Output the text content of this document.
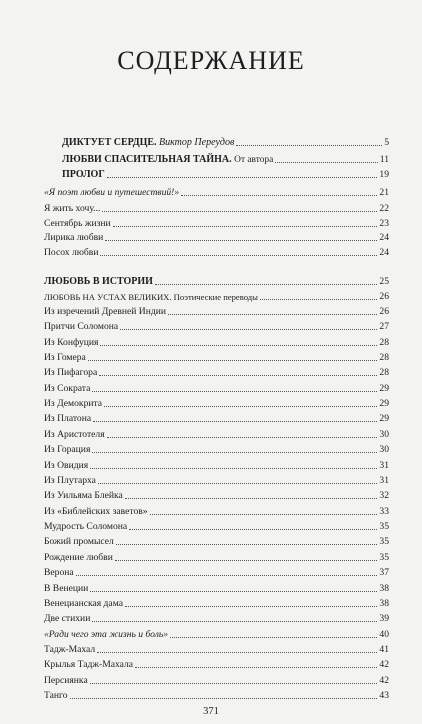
СОДЕРЖАНИЕ
ДИКТУЕТ СЕРДЦЕ. Виктор Переудов	5
ЛЮБВИ СПАСИТЕЛЬНАЯ ТАЙНА. От автора	11
ПРОЛОГ	19
«Я поэт любви и путешествий!»	21
Я жить хочу...	22
Сентябрь жизни	23
Лирика любви	24
Посох любви	24
ЛЮБОВЬ В ИСТОРИИ	25
ЛЮБОВЬ НА УСТАХ ВЕЛИКИХ. Поэтические переводы	26
Из изречений Древней Индии	26
Притчи Соломона	27
Из Конфуция	28
Из Гомера	28
Из Пифагора	28
Из Сократа	29
Из Демокрита	29
Из Платона	29
Из Аристотеля	30
Из Горация	30
Из Овидия	31
Из Плутарха	31
Из Уильяма Блейка	32
Из «Библейских заветов»	33
Мудрость Соломона	35
Божий промысел	35
Рождение любви	35
Верона	37
В Венеции	38
Венецианская дама	38
Две стихии	39
«Ради чего эта жизнь и боль»	40
Тадж-Махал	41
Крылья Тадж-Махала	42
Персиянка	42
Танго	43
371
